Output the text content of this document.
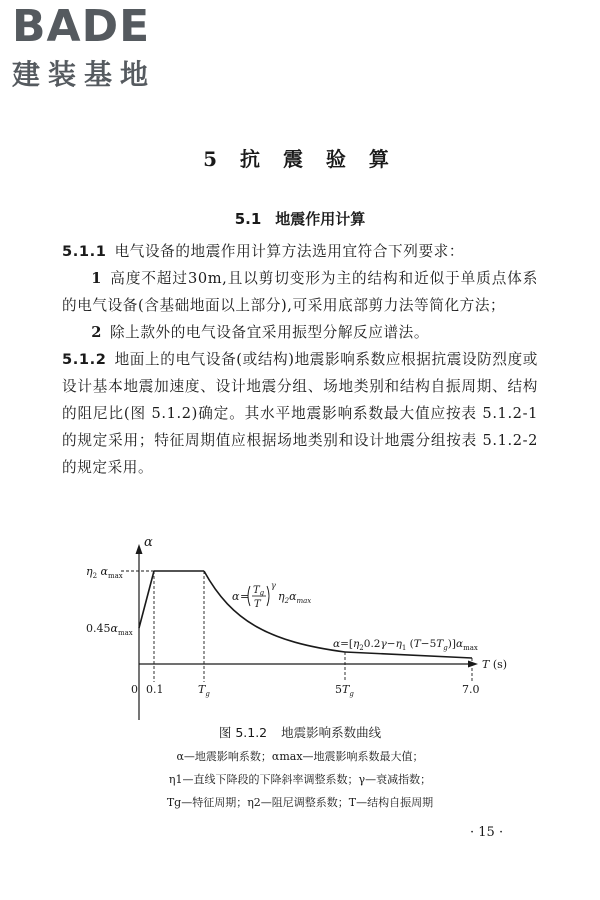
BADE
建装基地
5 抗 震 验 算
5.1 地震作用计算

5.1.1 电气设备的地震作用计算方法选用宜符合下列要求：

1 高度不超过30m,且以剪切变形为主的结构和近似于单质点体系的电气设备(含基础地面以上部分),可采用底部剪力法等简化方法；

2 除上款外的电气设备宜采用振型分解反应谱法。

5.1.2 地面上的电气设备(或结构)地震影响系数应根据抗震设防烈度或设计基本地震加速度、设计地震分组、场地类别和结构自振周期、结构的阻尼比(图 5.1.2)确定。其水平地震影响系数最大值应按表 5.1.2-1 的规定采用；特征周期值应根据场地类别和设计地震分组按表 5.1.2-2 的规定采用。

α
$\eta_2$ $\alpha_{max}$
$0.45\alpha_{max}$
0 0.1	$T_g$	$5T_g$	7.0
T (s)
$\alpha = T_g$
T
γ
$\eta_2\alpha_{max}$
$\alpha=[\eta_20.2\gamma-\eta_1$ $(T-5T_g)]\alpha_{max}$
图 5.1.2 地震影响系数曲线
α—地震影响系数；αmax—地震影响系数最大值；
η1—直线下降段的下降斜率调整系数；γ—衰减指数；
Tg—特征周期；η2—阻尼调整系数；T—结构自振周期
· 15 ·
